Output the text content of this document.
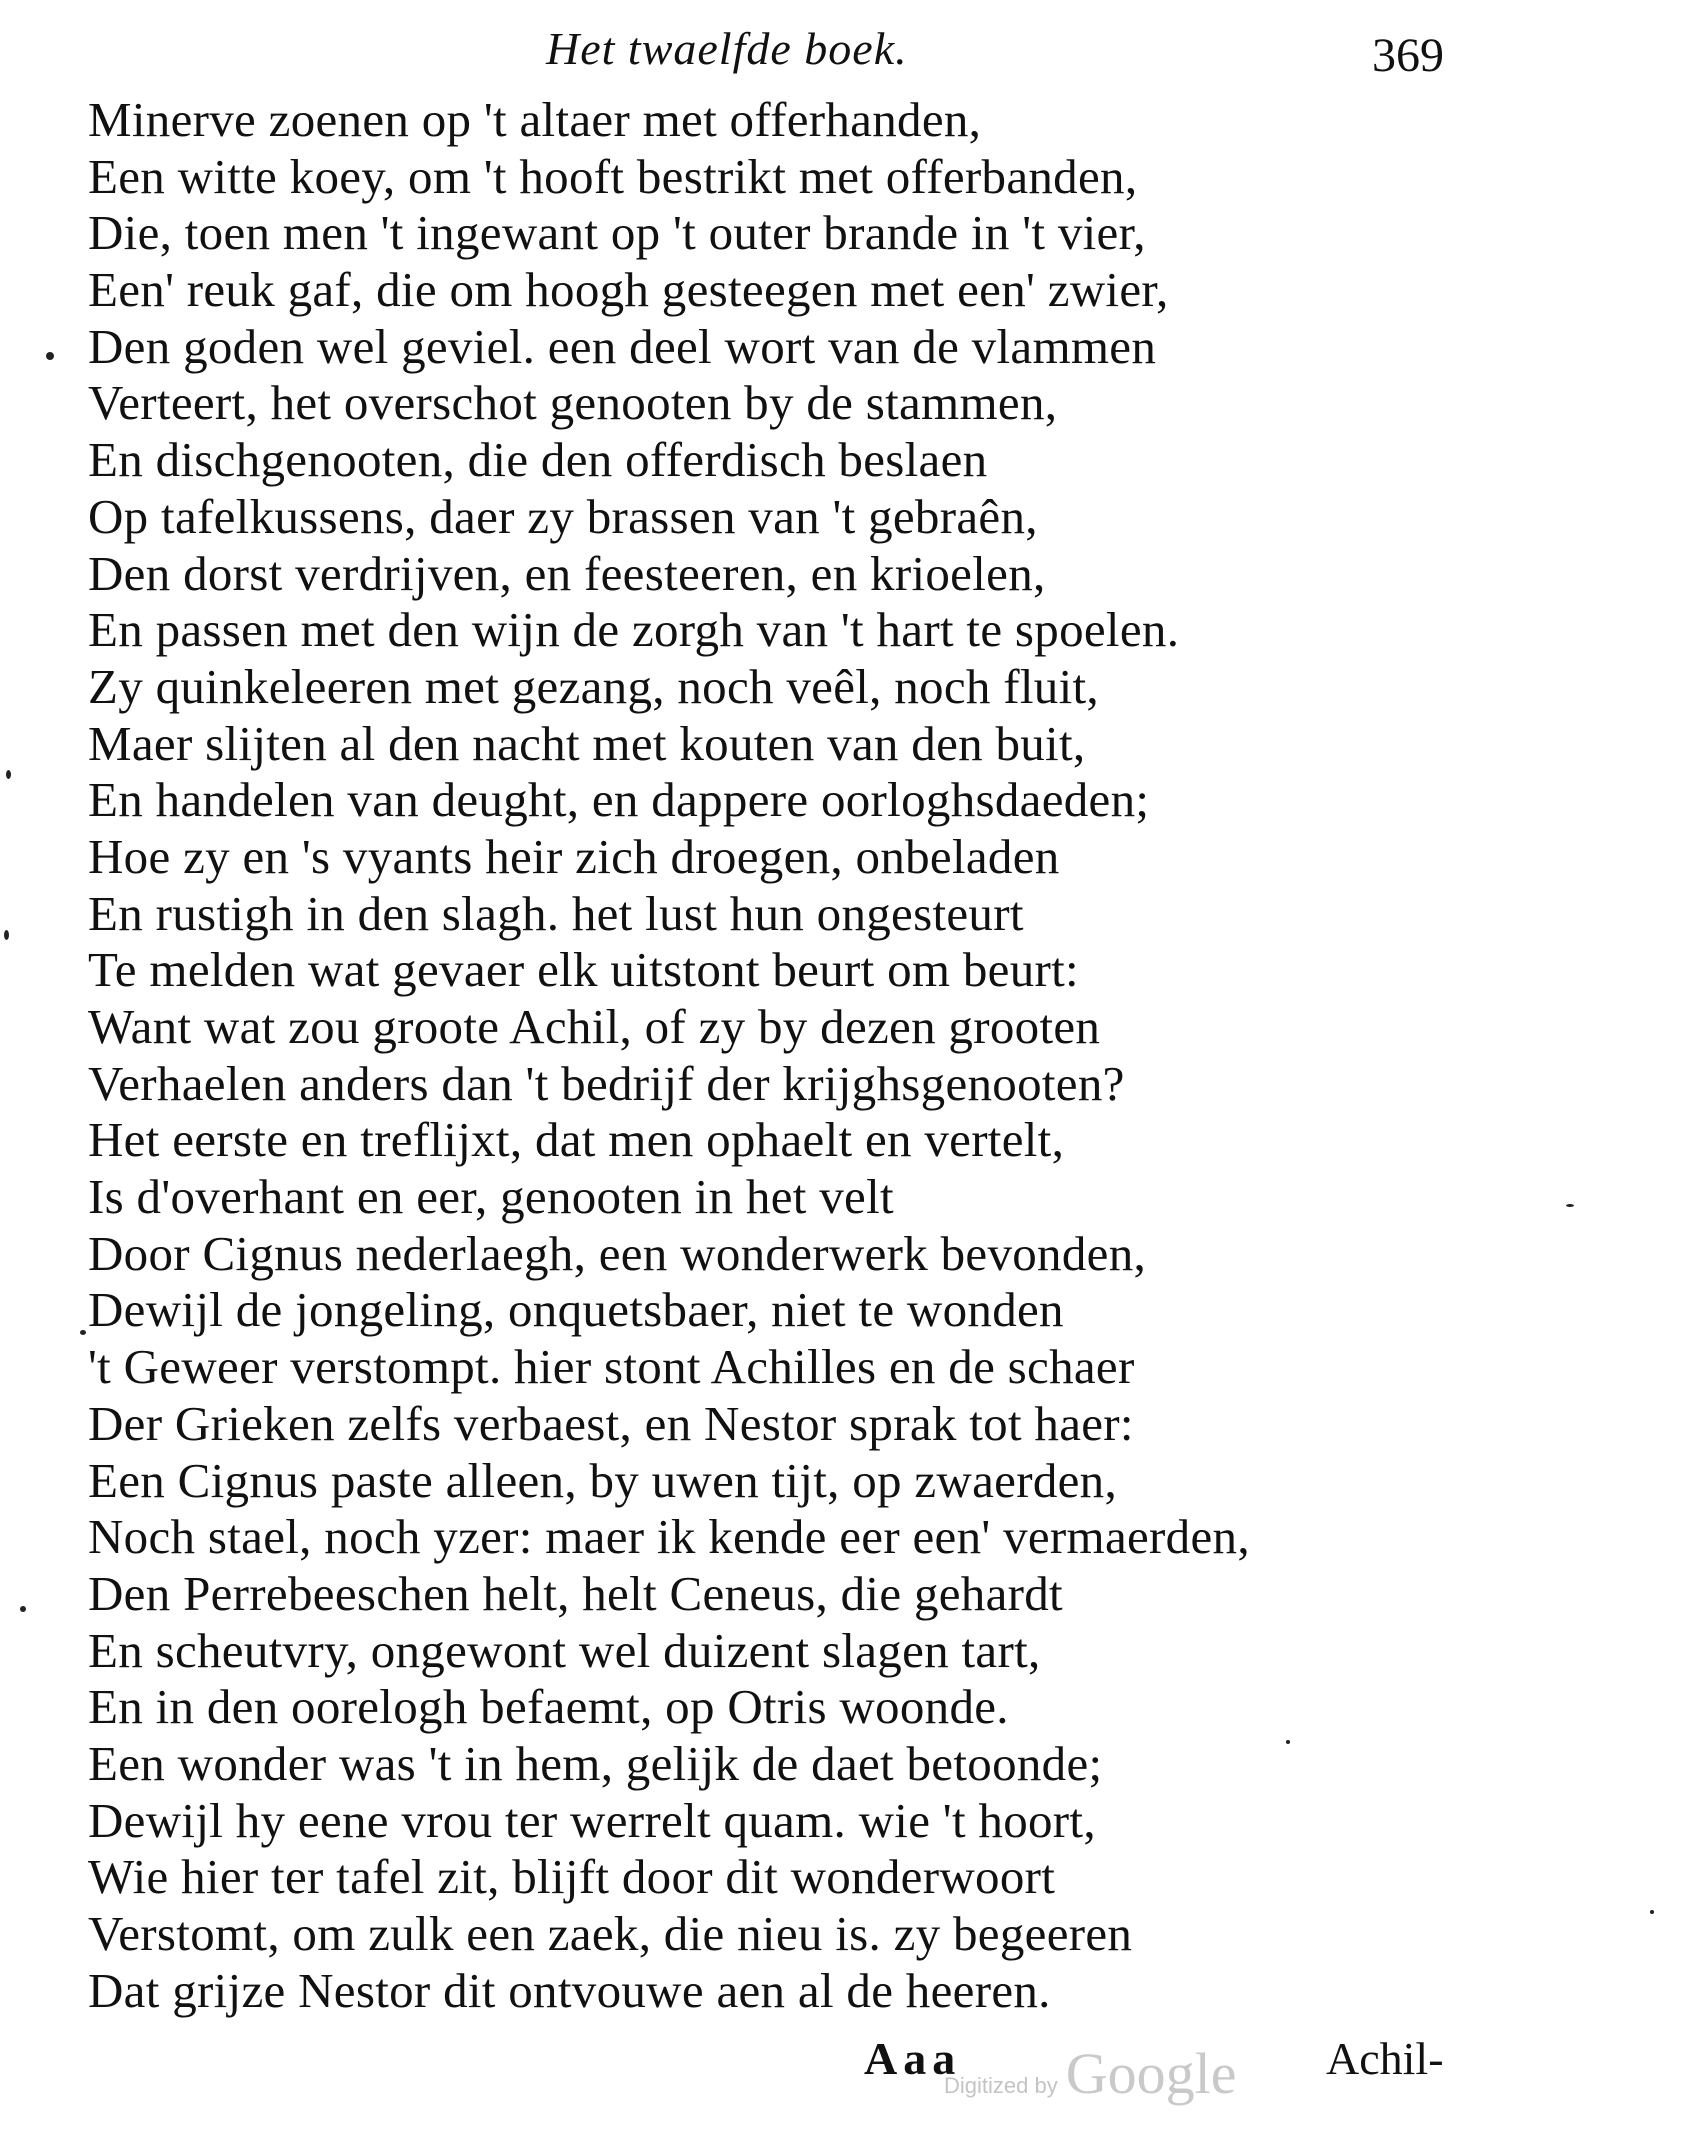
Het twaelfde boek.	369
Minerve zoenen op 't altaer met offerhanden,
Een witte koey, om 't hooft bestrikt met offerbanden,
Die, toen men 't ingewant op 't outer brande in 't vier,
Een' reuk gaf, die om hoogh gesteegen met een' zwier,
Den goden wel geviel. een deel wort van de vlammen
Verteert, het overschot genooten by de stammen,
En dischgenooten, die den offerdisch beslaen
Op tafelkussens, daer zy brassen van 't gebraên,
Den dorst verdrijven, en feesteeren, en krioelen,
En passen met den wijn de zorgh van 't hart te spoelen.
Zy quinkeleeren met gezang, noch veêl, noch fluit,
Maer slijten al den nacht met kouten van den buit,
En handelen van deught, en dappere oorloghsdaeden;
Hoe zy en 's vyants heir zich droegen, onbeladen
En rustigh in den slagh. het lust hun ongesteurt
Te melden wat gevaer elk uitstont beurt om beurt:
Want wat zou groote Achil, of zy by dezen grooten
Verhaelen anders dan 't bedrijf der krijghsgenooten?
Het eerste en treflijxt, dat men ophaelt en vertelt,
Is d'overhant en eer, genooten in het velt
Door Cignus nederlaegh, een wonderwerk bevonden,
Dewijl de jongeling, onquetsbaer, niet te wonden
't Geweer verstompt. hier stont Achilles en de schaer
Der Grieken zelfs verbaest, en Nestor sprak tot haer:
Een Cignus paste alleen, by uwen tijt, op zwaerden,
Noch stael, noch yzer: maer ik kende eer een' vermaerden,
Den Perrebeeschen helt, helt Ceneus, die gehardt
En scheutvry, ongewont wel duizent slagen tart,
En in den oorelogh befaemt, op Otris woonde.
Een wonder was 't in hem, gelijk de daet betoonde;
Dewijl hy eene vrou ter werrelt quam. wie 't hoort,
Wie hier ter tafel zit, blijft door dit wonderwoort
Verstomt, om zulk een zaek, die nieu is. zy begeeren
Dat grijze Nestor dit ontvouwe aen al de heeren.
Aaa	Achil-
Digitized by Google
